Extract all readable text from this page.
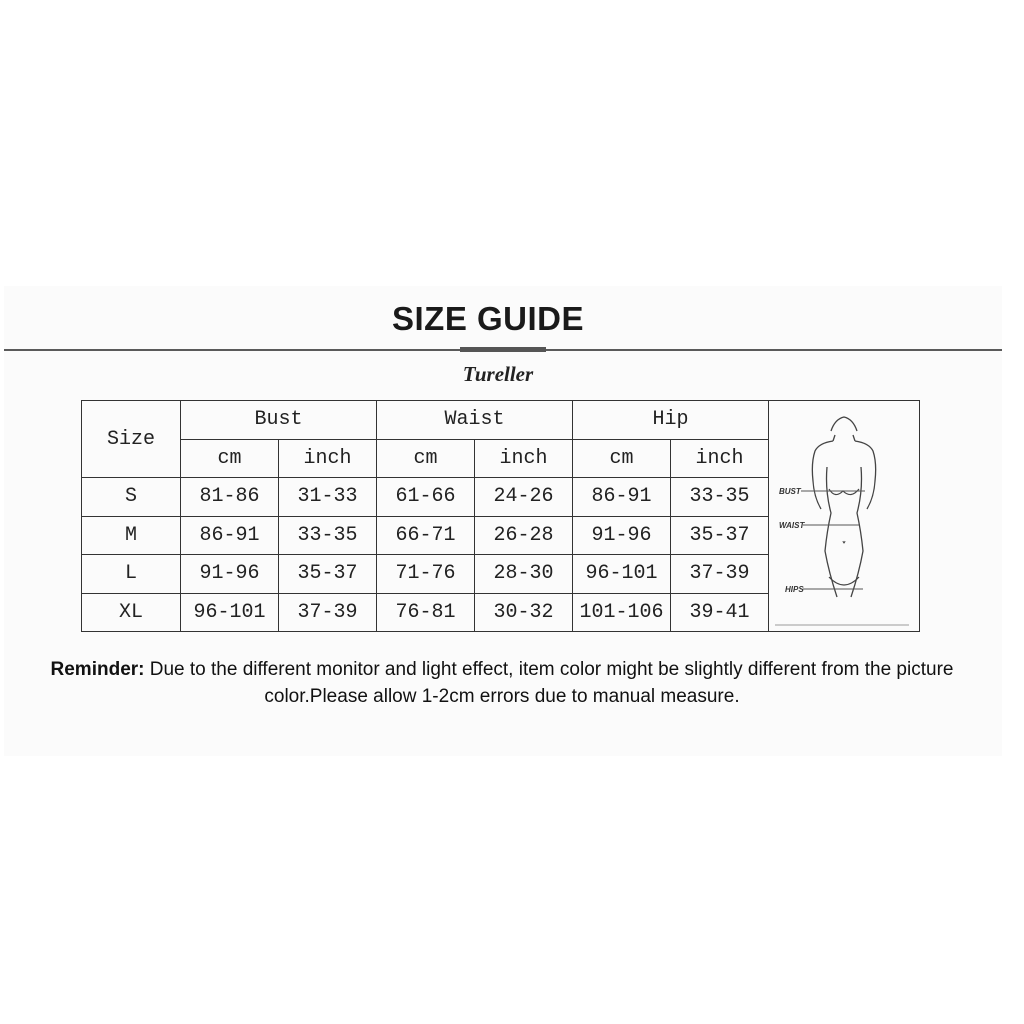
SIZE GUIDE
Tureller
Size	Bust		Waist		Hip		BUST
WAIST
HIPS

	cm	inch	cm	inch	cm	inch	
S	81-86	31-33	61-66	24-26	86-91	33-35	
M	86-91	33-35	66-71	26-28	91-96	35-37	
L	91-96	35-37	71-76	28-30	96-101	37-39	
XL	96-101	37-39	76-81	30-32	101-106	39-41	
Reminder: Due to the different monitor and light effect, item color might be slightly different from the picture color.Please allow 1-2cm errors due to manual measure.
